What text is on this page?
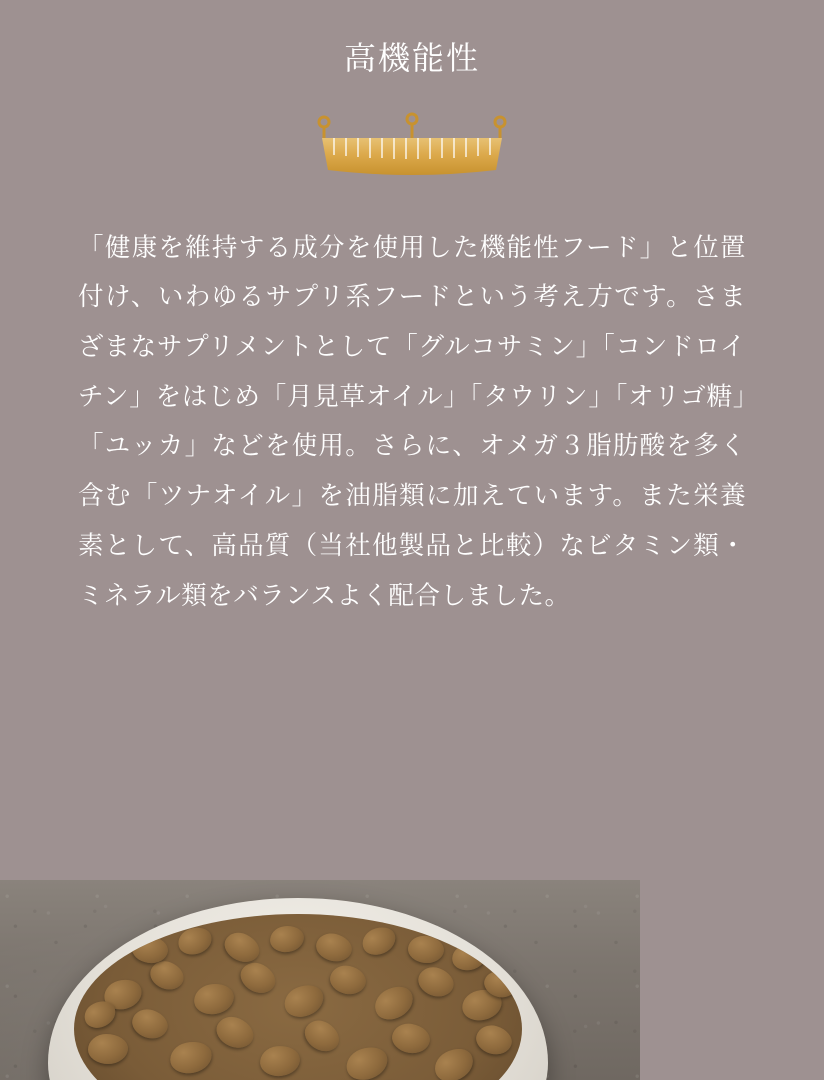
高機能性

「健康を維持する成分を使用した機能性フード」と位置付け、いわゆるサプリ系フードという考え方です。さまざまなサプリメントとして「グルコサミン」「コンドロイチン」をはじめ「月見草オイル」「タウリン」「オリゴ糖」「ユッカ」などを使用。さらに、オメガ３脂肪酸を多く含む「ツナオイル」を油脂類に加えています。また栄養素として、高品質（当社他製品と比較）なビタミン類・ミネラル類をバランスよく配合しました。
